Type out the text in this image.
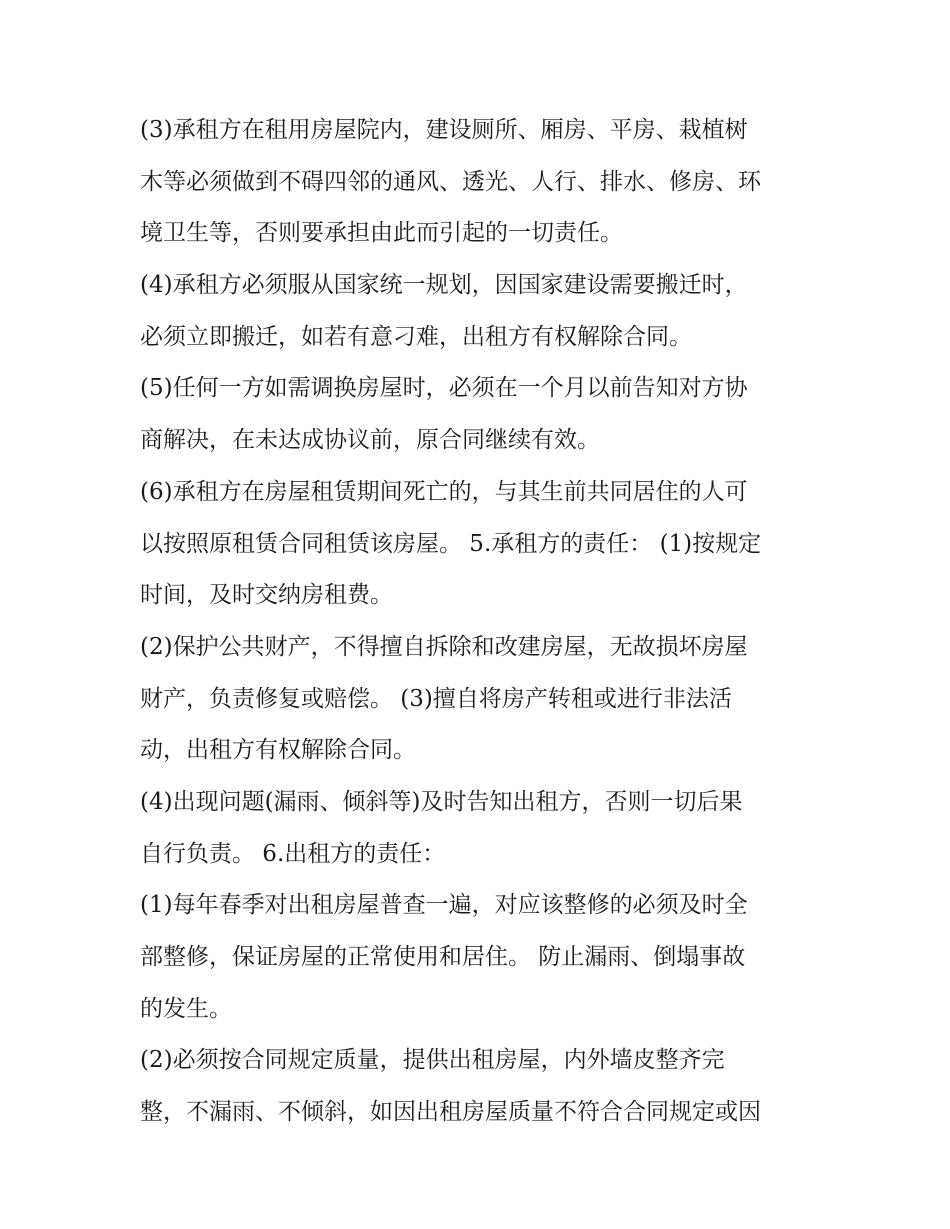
(3)承租方在租用房屋院内，建设厕所、厢房、平房、栽植树
木等必须做到不碍四邻的通风、透光、人行、排水、修房、环
境卫生等，否则要承担由此而引起的一切责任。
(4)承租方必须服从国家统一规划，因国家建设需要搬迁时，
必须立即搬迁，如若有意刁难，出租方有权解除合同。
(5)任何一方如需调换房屋时，必须在一个月以前告知对方协
商解决，在未达成协议前，原合同继续有效。
(6)承租方在房屋租赁期间死亡的，与其生前共同居住的人可
以按照原租赁合同租赁该房屋。 5.承租方的责任： (1)按规定
时间，及时交纳房租费。
(2)保护公共财产，不得擅自拆除和改建房屋，无故损坏房屋
财产，负责修复或赔偿。 (3)擅自将房产转租或进行非法活
动，出租方有权解除合同。
(4)出现问题(漏雨、倾斜等)及时告知出租方，否则一切后果
自行负责。 6.出租方的责任：
(1)每年春季对出租房屋普查一遍，对应该整修的必须及时全
部整修，保证房屋的正常使用和居住。 防止漏雨、倒塌事故
的发生。
(2)必须按合同规定质量，提供出租房屋，内外墙皮整齐完
整，不漏雨、不倾斜，如因出租房屋质量不符合合同规定或因
